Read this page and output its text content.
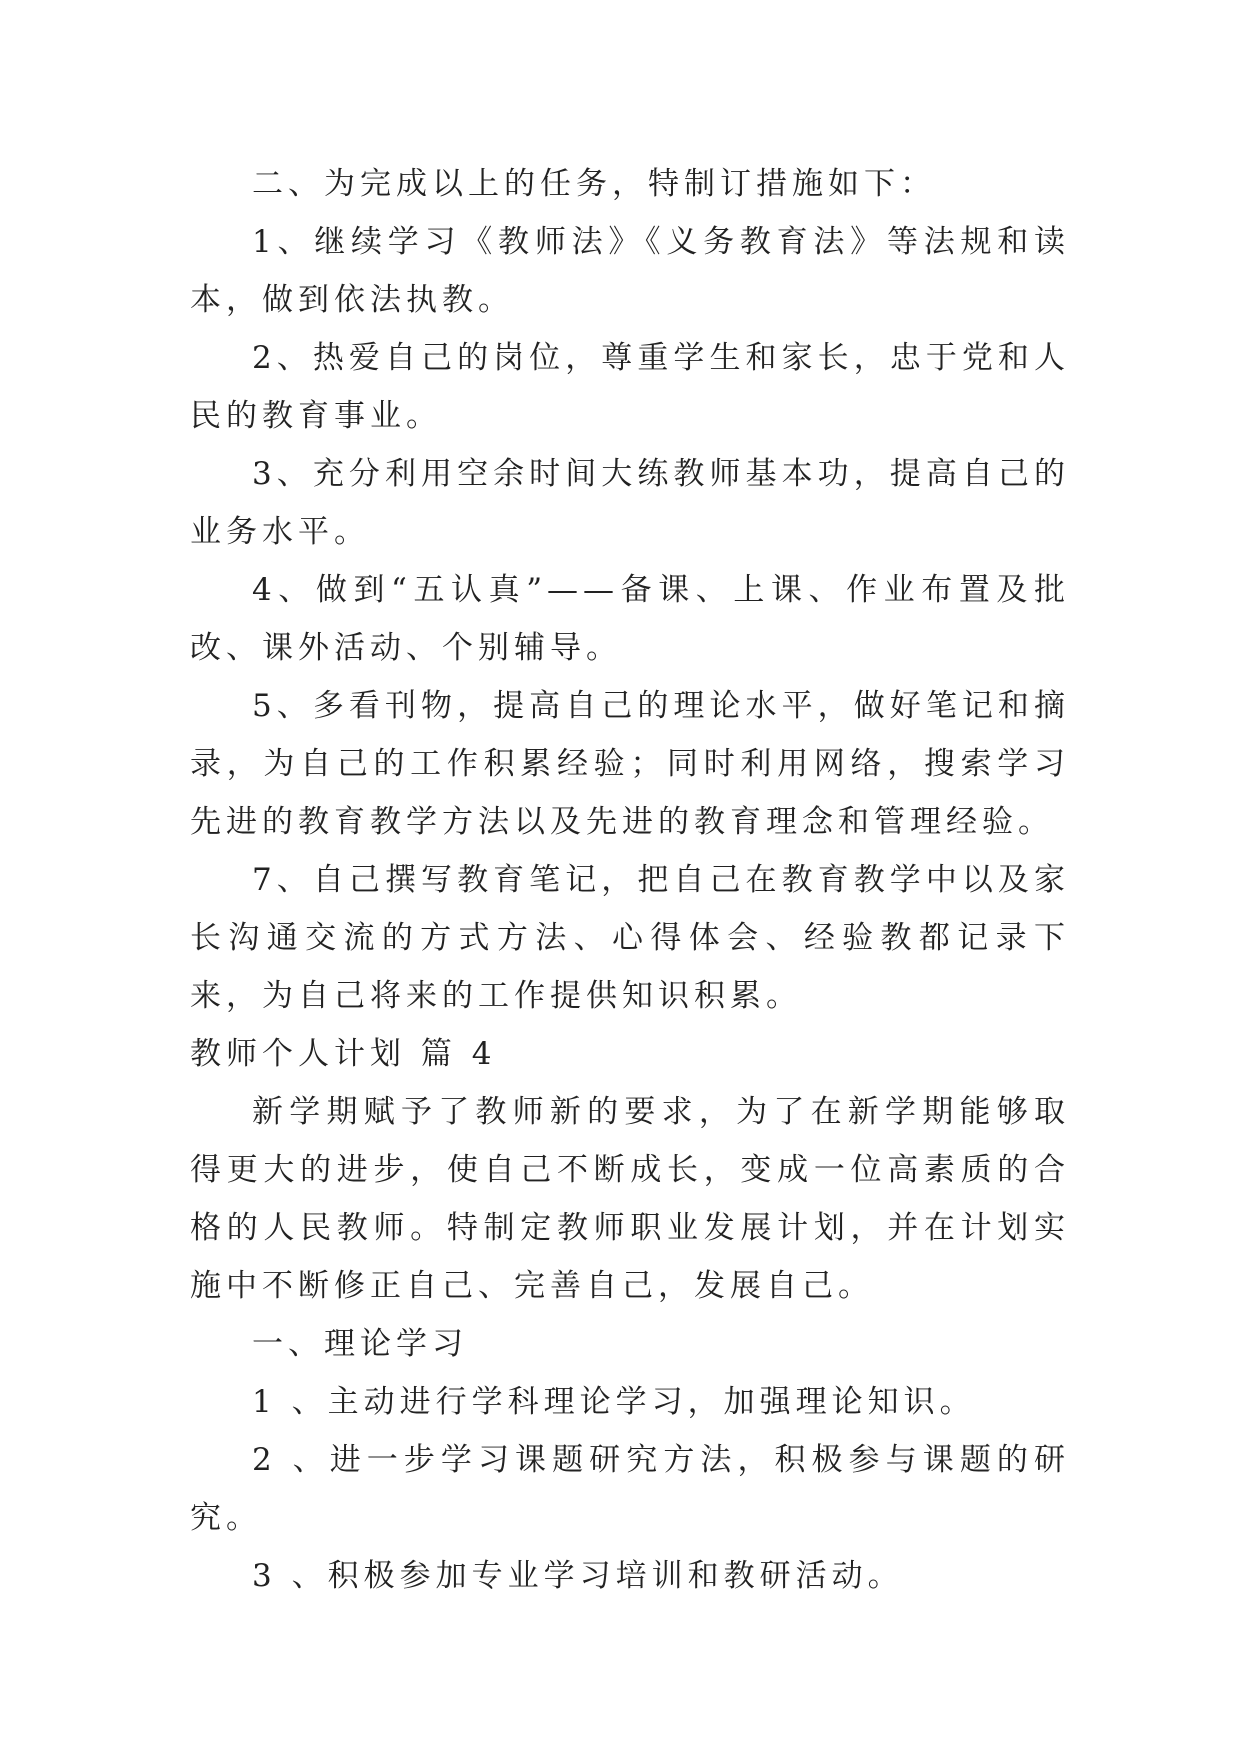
二、为完成以上的任务，特制订措施如下：

1、继续学习《教师法》《义务教育法》等法规和读本，做到依法执教。

2、热爱自己的岗位，尊重学生和家长，忠于党和人民的教育事业。

3、充分利用空余时间大练教师基本功，提高自己的业务水平。

4、做到“五认真”——备课、上课、作业布置及批改、课外活动、个别辅导。

5、多看刊物，提高自己的理论水平，做好笔记和摘录，为自己的工作积累经验；同时利用网络，搜索学习先进的教育教学方法以及先进的教育理念和管理经验。

7、自己撰写教育笔记，把自己在教育教学中以及家长沟通交流的方式方法、心得体会、经验教都记录下来，为自己将来的工作提供知识积累。

教师个人计划 篇 4

新学期赋予了教师新的要求，为了在新学期能够取得更大的进步，使自己不断成长，变成一位高素质的合格的人民教师。特制定教师职业发展计划，并在计划实施中不断修正自己、完善自己，发展自己。

一、理论学习

1 、主动进行学科理论学习，加强理论知识。

2 、进一步学习课题研究方法，积极参与课题的研究。

3 、积极参加专业学习培训和教研活动。
